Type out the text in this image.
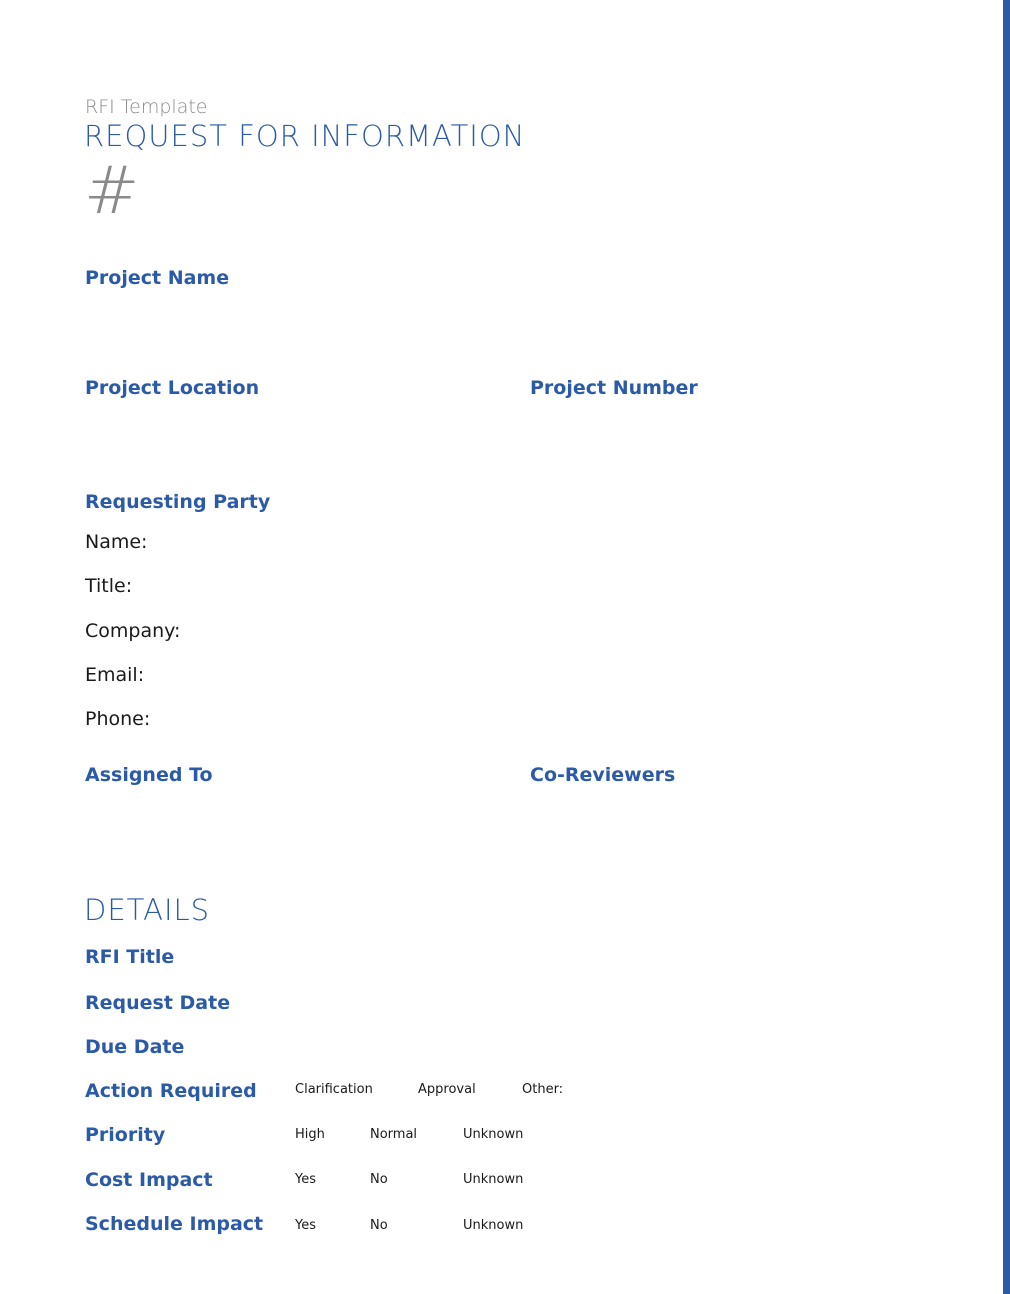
RFI Template
REQUEST FOR INFORMATION
#
Project Name
Project Location	Project Number
Requesting Party
Name:
Title:
Company:
Email:
Phone:
Assigned To	Co-Reviewers
DETAILS
RFI Title
Request Date
Due Date
Action Required	Clarification	Approval	Other:
Priority	High	Normal	Unknown
Cost Impact	Yes	No	Unknown
Schedule Impact Yes	No	Unknown
